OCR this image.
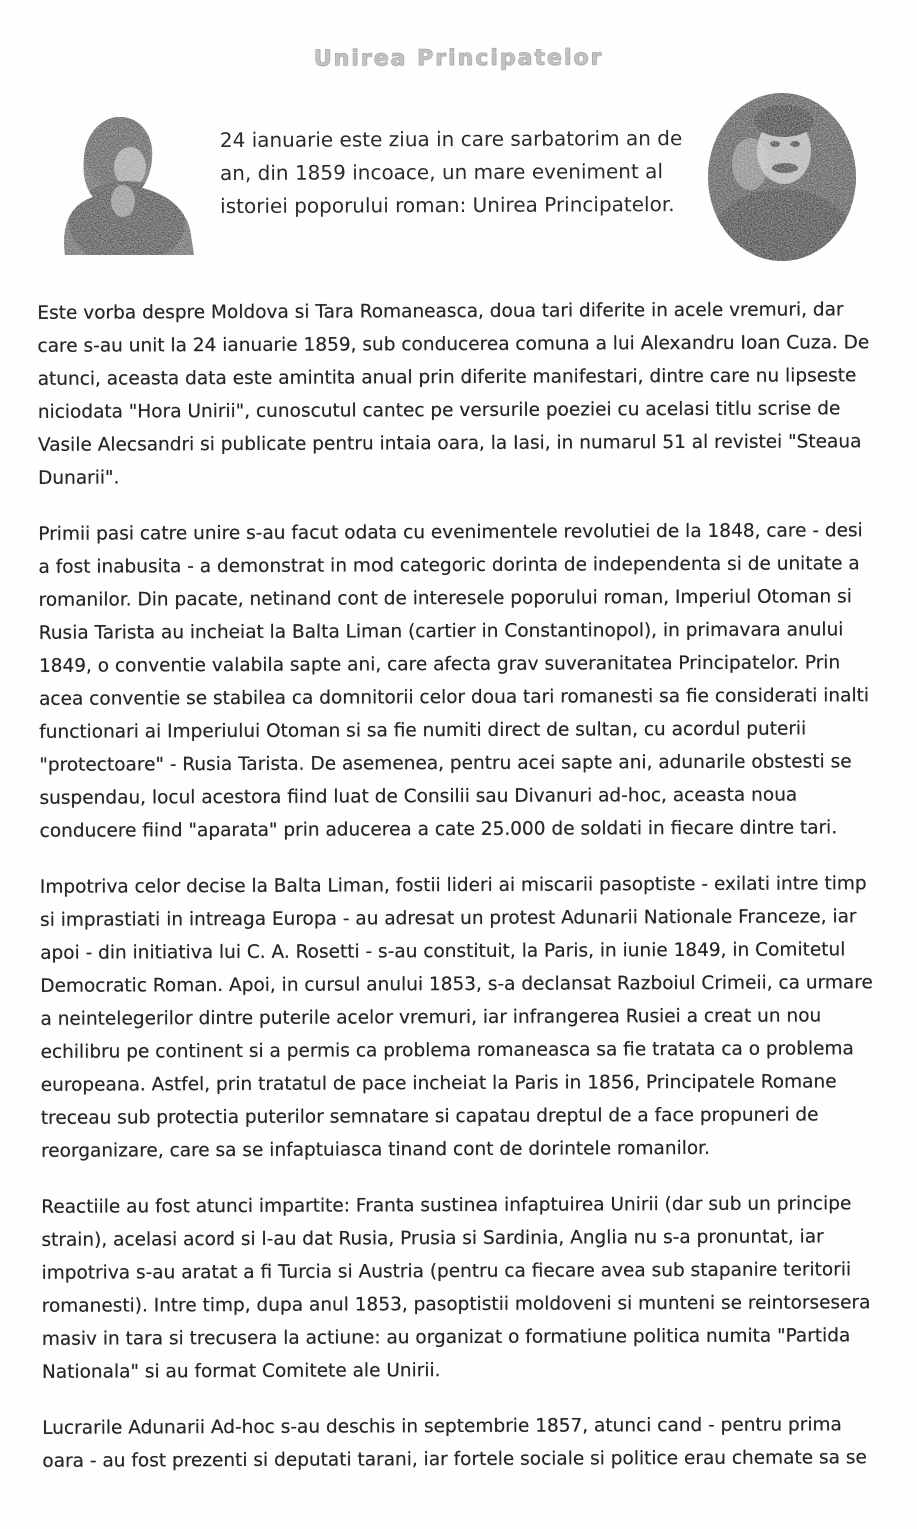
Unirea Principatelor
24 ianuarie este ziua in care sarbatorim an de an, din 1859 incoace, un mare eveniment al istoriei poporului roman: Unirea Principatelor.

Este vorba despre Moldova si Tara Romaneasca, doua tari diferite in acele vremuri, dar care s-au unit la 24 ianuarie 1859, sub conducerea comuna a lui Alexandru Ioan Cuza. De atunci, aceasta data este amintita anual prin diferite manifestari, dintre care nu lipseste niciodata "Hora Unirii", cunoscutul cantec pe versurile poeziei cu acelasi titlu scrise de Vasile Alecsandri si publicate pentru intaia oara, la Iasi, in numarul 51 al revistei "Steaua Dunarii".

Primii pasi catre unire s-au facut odata cu evenimentele revolutiei de la 1848, care - desi a fost inabusita - a demonstrat in mod categoric dorinta de independenta si de unitate a romanilor. Din pacate, netinand cont de interesele poporului roman, Imperiul Otoman si Rusia Tarista au incheiat la Balta Liman (cartier in Constantinopol), in primavara anului 1849, o conventie valabila sapte ani, care afecta grav suveranitatea Principatelor. Prin acea conventie se stabilea ca domnitorii celor doua tari romanesti sa fie considerati inalti functionari ai Imperiului Otoman si sa fie numiti direct de sultan, cu acordul puterii "protectoare" - Rusia Tarista. De asemenea, pentru acei sapte ani, adunarile obstesti se suspendau, locul acestora fiind luat de Consilii sau Divanuri ad-hoc, aceasta noua conducere fiind "aparata" prin aducerea a cate 25.000 de soldati in fiecare dintre tari.

Impotriva celor decise la Balta Liman, fostii lideri ai miscarii pasoptiste - exilati intre timp si imprastiati in intreaga Europa - au adresat un protest Adunarii Nationale Franceze, iar apoi - din initiativa lui C. A. Rosetti - s-au constituit, la Paris, in iunie 1849, in Comitetul Democratic Roman. Apoi, in cursul anului 1853, s-a declansat Razboiul Crimeii, ca urmare a neintelegerilor dintre puterile acelor vremuri, iar infrangerea Rusiei a creat un nou echilibru pe continent si a permis ca problema romaneasca sa fie tratata ca o problema europeana. Astfel, prin tratatul de pace incheiat la Paris in 1856, Principatele Romane treceau sub protectia puterilor semnatare si capatau dreptul de a face propuneri de reorganizare, care sa se infaptuiasca tinand cont de dorintele romanilor.

Reactiile au fost atunci impartite: Franta sustinea infaptuirea Unirii (dar sub un principe strain), acelasi acord si l-au dat Rusia, Prusia si Sardinia, Anglia nu s-a pronuntat, iar impotriva s-au aratat a fi Turcia si Austria (pentru ca fiecare avea sub stapanire teritorii romanesti). Intre timp, dupa anul 1853, pasoptistii moldoveni si munteni se reintorsesera masiv in tara si trecusera la actiune: au organizat o formatiune politica numita "Partida Nationala" si au format Comitete ale Unirii.

Lucrarile Adunarii Ad-hoc s-au deschis in septembrie 1857, atunci cand - pentru prima oara - au fost prezenti si deputati tarani, iar fortele sociale si politice erau chemate sa se
